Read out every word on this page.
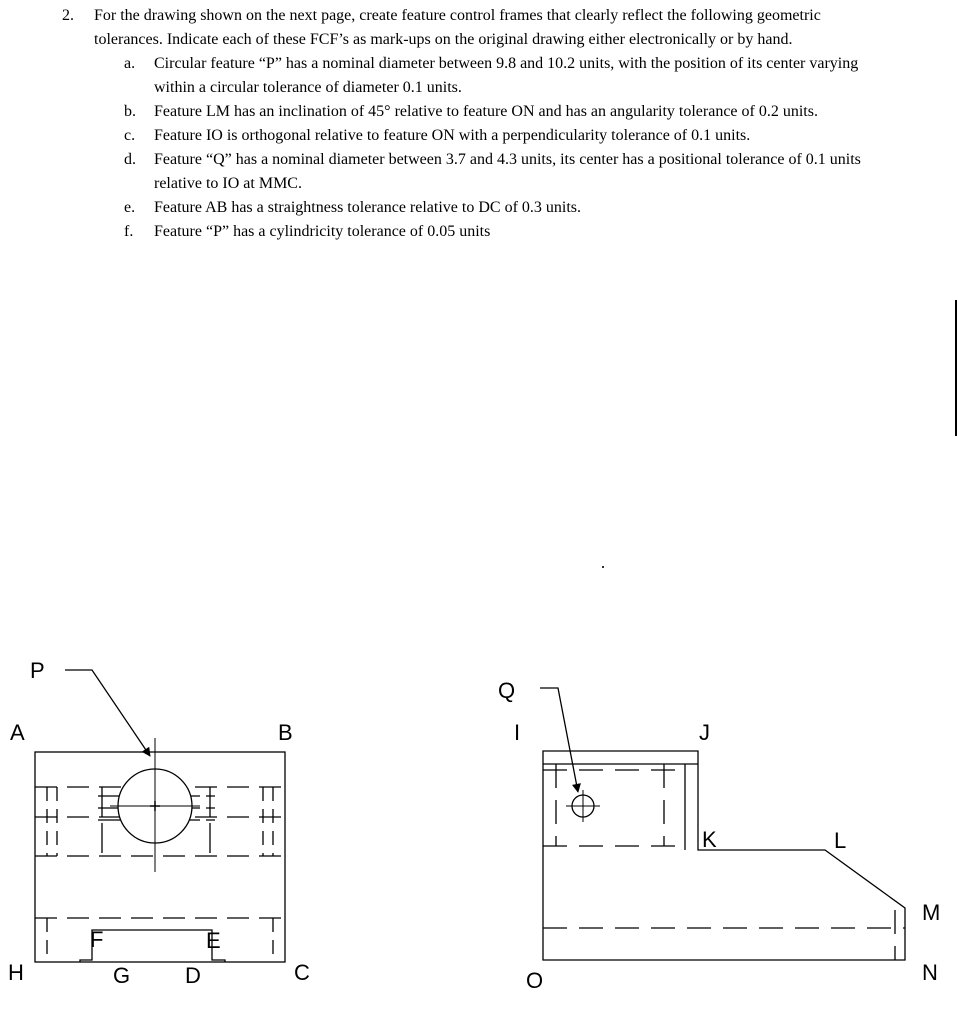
2.	For the drawing shown on the next page, create feature control frames that clearly reflect the following geometric tolerances. Indicate each of these FCF’s as mark-ups on the original drawing either electronically or by hand.
a.	Circular feature “P” has a nominal diameter between 9.8 and 10.2 units, with the position of its center varying within a circular tolerance of diameter 0.1 units.
b.	Feature LM has an inclination of 45° relative to feature ON and has an angularity tolerance of 0.2 units.
c.	Feature IO is orthogonal relative to feature ON with a perpendicularity tolerance of 0.1 units.
d.	Feature “Q” has a nominal diameter between 3.7 and 4.3 units, its center has a positional tolerance of 0.1 units relative to IO at MMC.
e.	Feature AB has a straightness tolerance relative to DC of 0.3 units.
f.	Feature “P” has a cylindricity tolerance of 0.05 units
P
A	B
H
F	E
G D	C
Q
I	J
K	L
M
N
O
